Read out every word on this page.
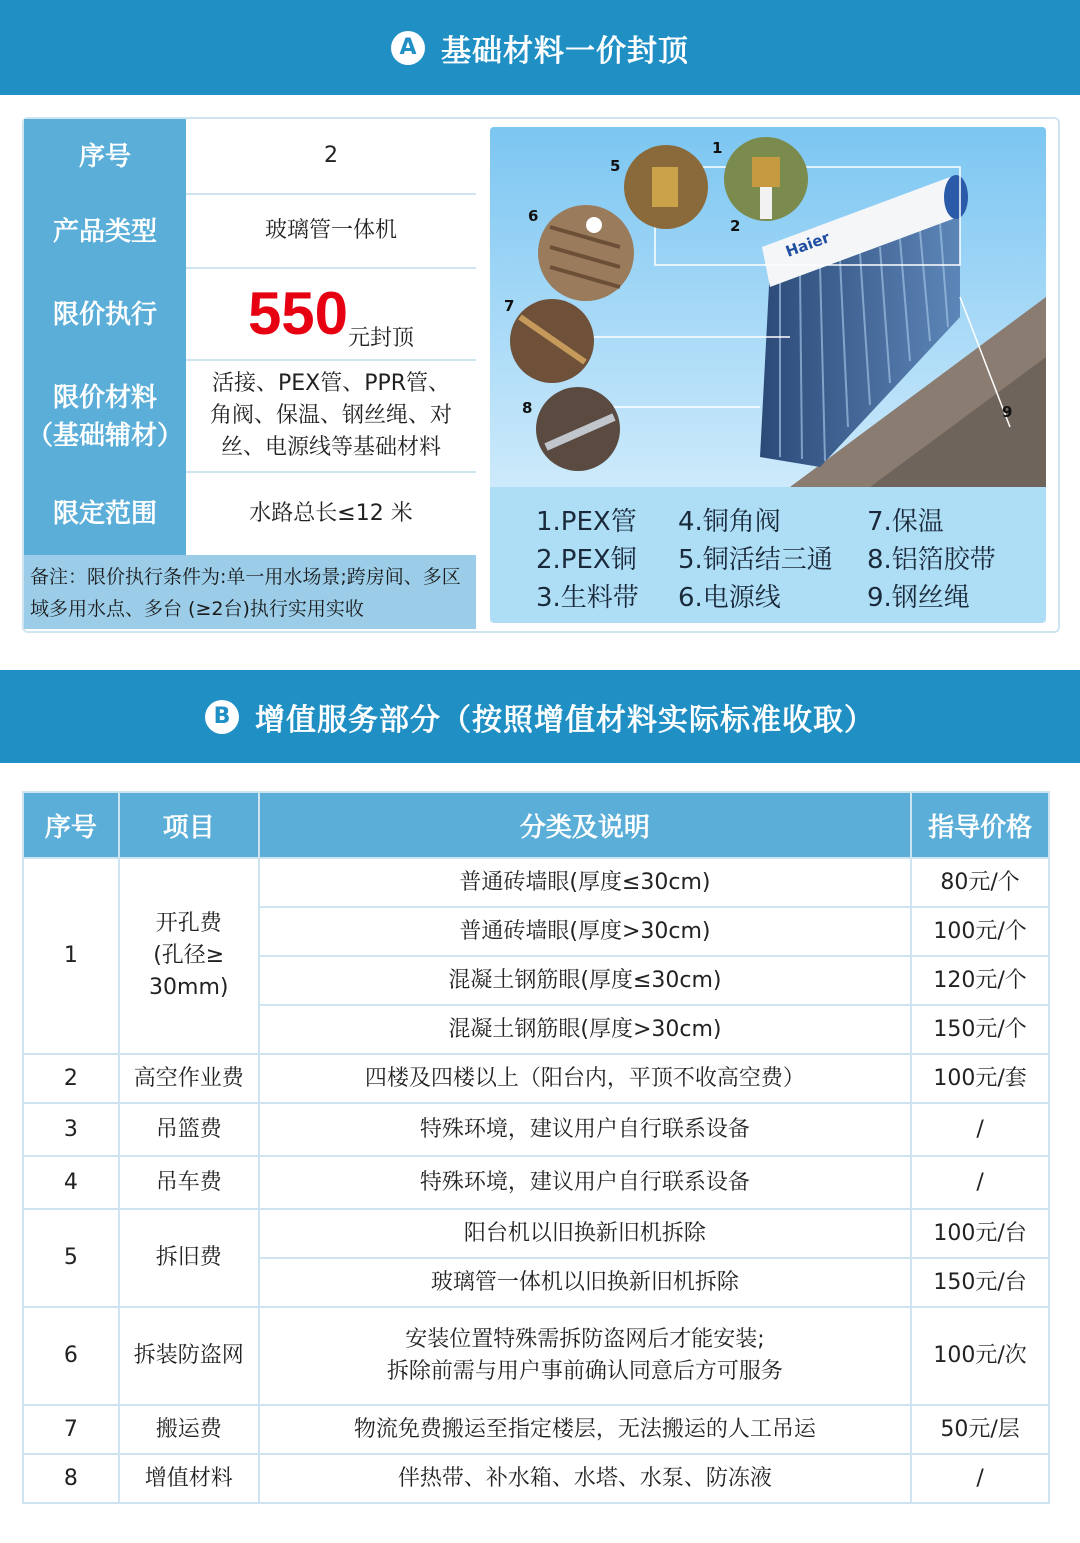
A 基础材料一价封顶
序号	2
产品类型	玻璃管一体机
限价执行	550 元封顶
限价材料
（基础辅材）
活接、PEX管、PPR管、
角阀、保温、钢丝绳、对
丝、电源线等基础材料
限定范围	水路总长≤12 米
备注：限价执行条件为:单一用水场景;跨房间、多区域多用水点、多台 (≥2台)执行实用实收
Haier
1
2
5
6
7
8	9
1.PEX管
2.PEX铜
3.生料带
4.铜角阀
5.铜活结三通
6.电源线
7.保温
8.铝箔胶带
9.钢丝绳
B 增值服务部分（按照增值材料实际标准收取）
序号	项目	分类及说明	指导价格
1	开孔费
(孔径≥
30mm)	普通砖墙眼(厚度≤30cm)	80元/个
		普通砖墙眼(厚度>30cm)	100元/个
		混凝土钢筋眼(厚度≤30cm)	120元/个
		混凝土钢筋眼(厚度>30cm)	150元/个
2	高空作业费	四楼及四楼以上（阳台内，平顶不收高空费）	100元/套
3	吊篮费	特殊环境，建议用户自行联系设备	/
4	吊车费	特殊环境，建议用户自行联系设备	/
5	拆旧费	阳台机以旧换新旧机拆除	100元/台
		玻璃管一体机以旧换新旧机拆除	150元/台
6	拆装防盗网	安装位置特殊需拆防盗网后才能安装;
拆除前需与用户事前确认同意后方可服务	100元/次
7	搬运费	物流免费搬运至指定楼层，无法搬运的人工吊运	50元/层
8	增值材料	伴热带、补水箱、水塔、水泵、防冻液	/
